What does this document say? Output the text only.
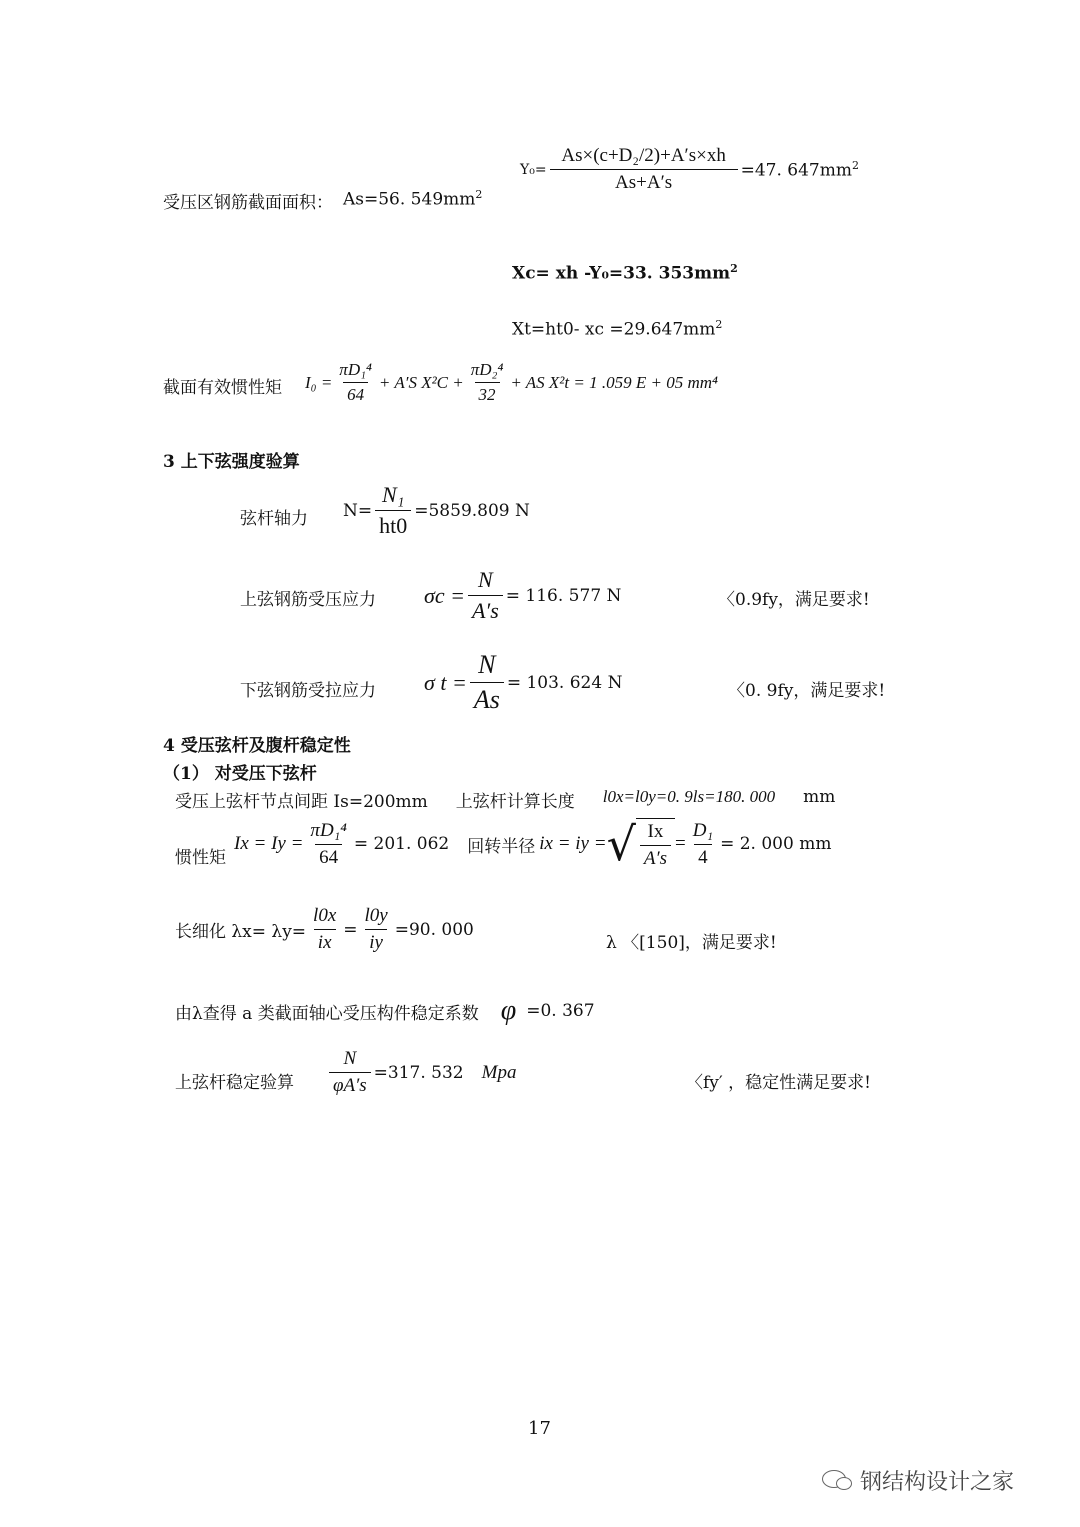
受压区钢筋截面面积： As=56. $549mm^2$
$Y_0= \frac{\text{As×(c+D₂/2)+A′s×xh}}{As+A's} =47$. $647mm^2$
Xc= xh -Y₀=33. $353mm^2$
Xt=ht0- xc $=29.647mm^2$
截面有效惯性矩 $I_0 = \frac{\text{πD₁⁴}}{64} + A'S$ $X^2C + \frac{\text{πD₂⁴}}{32}$ + AS X²t = 1 .059 E + 05 mm⁴
3 上下弦强度验算
弦杆轴力 $N= \frac{\text{N₁}}{ht0} =5859.809$ N
上弦钢筋受压应力 $\sigma c = \frac{N}{A's} = 116$. 577 N	〈0.9fy，满足要求!
下弦钢筋受拉应力 σ $t = \frac{N}{As} = 103$. 624 N	〈0. 9fy，满足要求!
4 受压弦杆及腹杆稳定性
（1） 对受压下弦杆
受压上弦杆节点间距 Is=200mm 上弦杆计算长度 l0x=l0y=0. 9ls=180. 000 mm
惯性矩
$Ix = Iy = \frac{\text{πD₁⁴}}{64} = 201$. 062 回转半径 ix = iy = √ $\frac{Ix}{A's} = \frac{\text{D₁}}{4} = 2$. 000 mm
长细化 $\lambda x= \lambda y= \frac{l0x}{ix} = \frac{l0y}{iy} =90$. 000
λ 〈[150]，满足要求!
由λ查得 a 类截面轴心受压构件稳定系数 φ =0. 367
上弦杆稳定验算 $\frac{N}{\varphi A's} =317$. 532 Mpa
〈fy′ ，稳定性满足要求!
17
钢结构设计之家
